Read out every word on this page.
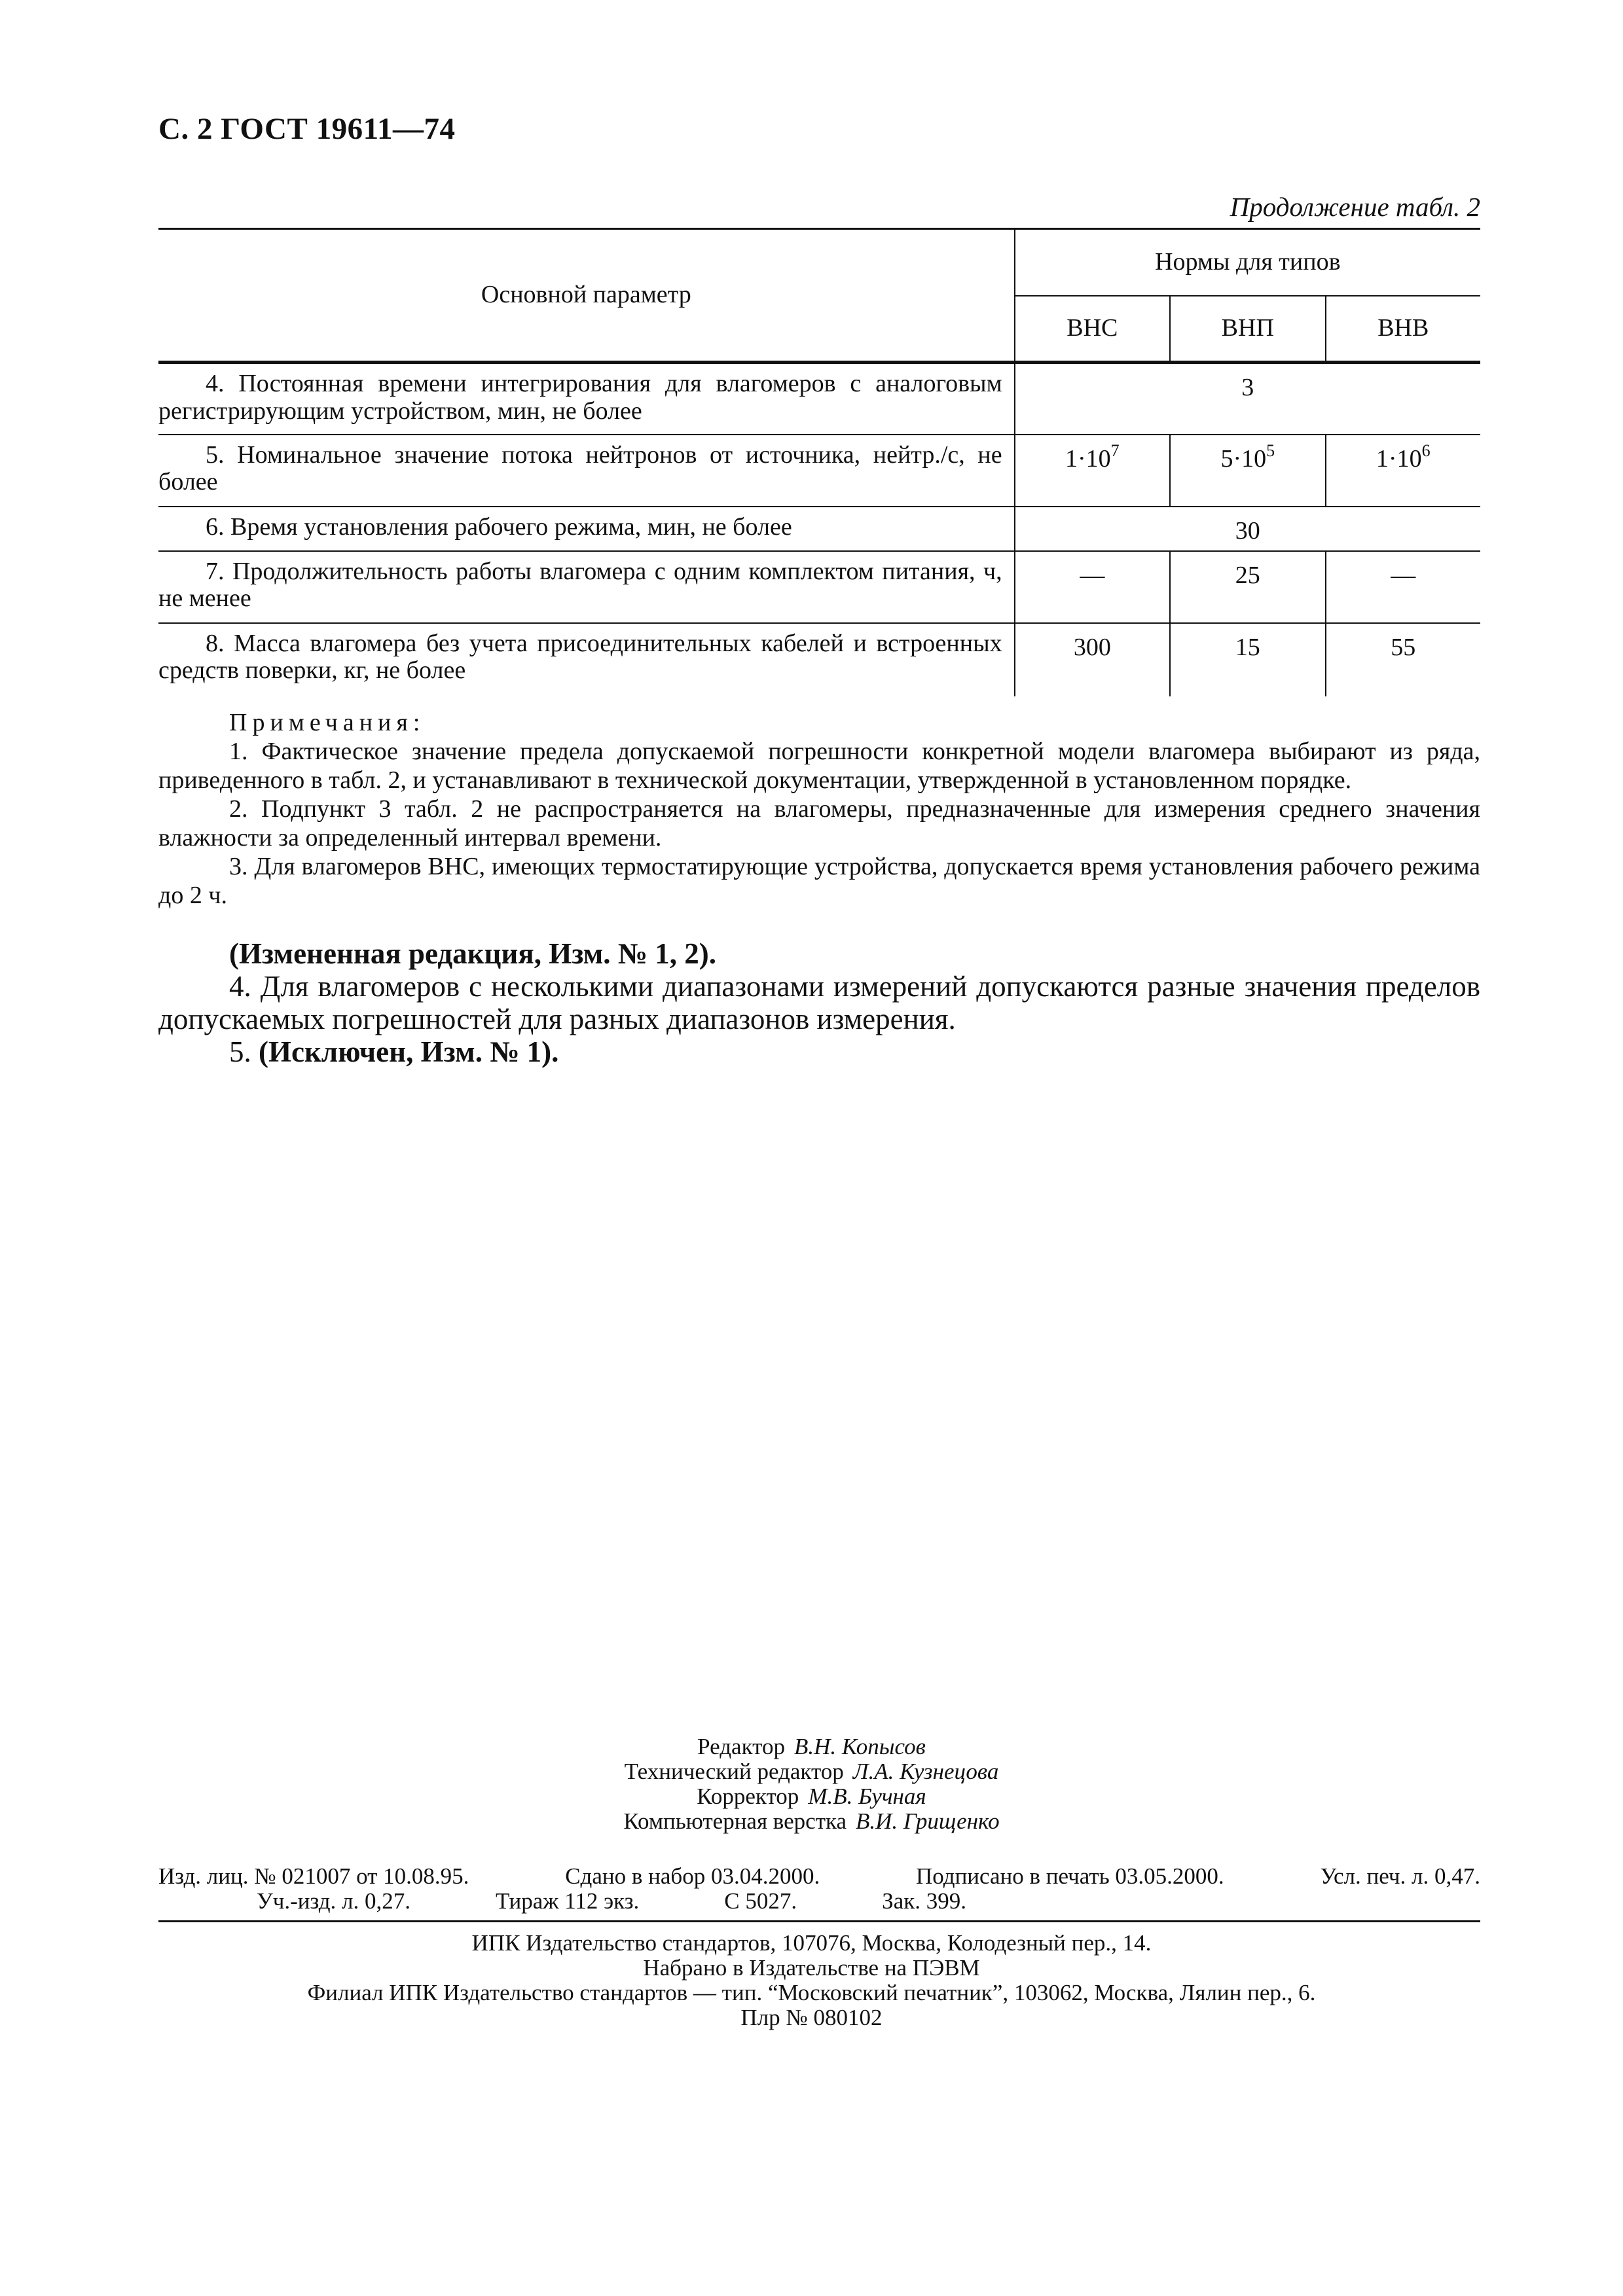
С. 2 ГОСТ 19611—74
Продолжение табл. 2
Основной параметр	Нормы для типов		
	ВНС	ВНП	ВНВ
4. Постоянная времени интегрирования для влагомеров с аналоговым регистрирующим устройством, мин, не более	3		
5. Номинальное значение потока нейтронов от источника, нейтр./с, не более	$1\cdot 10^7$	$5\cdot 10^5$	$1\cdot 10^6$
6. Время установления рабочего режима, мин, не более	30		
7. Продолжительность работы влагомера с одним комплектом питания, ч, не менее	—	25	—
8. Масса влагомера без учета присоединительных кабелей и встроенных средств поверки, кг, не более	300	15	55
Примечания:

1. Фактическое значение предела допускаемой погрешности конкретной модели влагомера выбирают из ряда, приведенного в табл. 2, и устанавливают в технической документации, утвержденной в установленном порядке.

2. Подпункт 3 табл. 2 не распространяется на влагомеры, предназначенные для измерения среднего значения влажности за определенный интервал времени.

3. Для влагомеров ВНС, имеющих термостатирующие устройства, допускается время установления рабочего режима до 2 ч.

(Измененная редакция, Изм. № 1, 2).

4. Для влагомеров с несколькими диапазонами измерений допускаются разные значения пределов допускаемых погрешностей для разных диапазонов измерения.

5. (Исключен, Изм. № 1).

Редактор В.Н. Копысов
Технический редактор Л.А. Кузнецова
Корректор М.В. Бучная
Компьютерная верстка В.И. Грищенко
Изд. лиц. № 021007 от 10.08.95.	Сдано в набор 03.04.2000.	Подписано в печать 03.05.2000.	Усл. печ. л. 0,47.
Уч.-изд. л. 0,27.	Тираж 112 экз.	С 5027.	Зак. 399.
ИПК Издательство стандартов, 107076, Москва, Колодезный пер., 14.
Набрано в Издательстве на ПЭВМ
Филиал ИПК Издательство стандартов — тип. “Московский печатник”, 103062, Москва, Лялин пер., 6.
Плр № 080102
